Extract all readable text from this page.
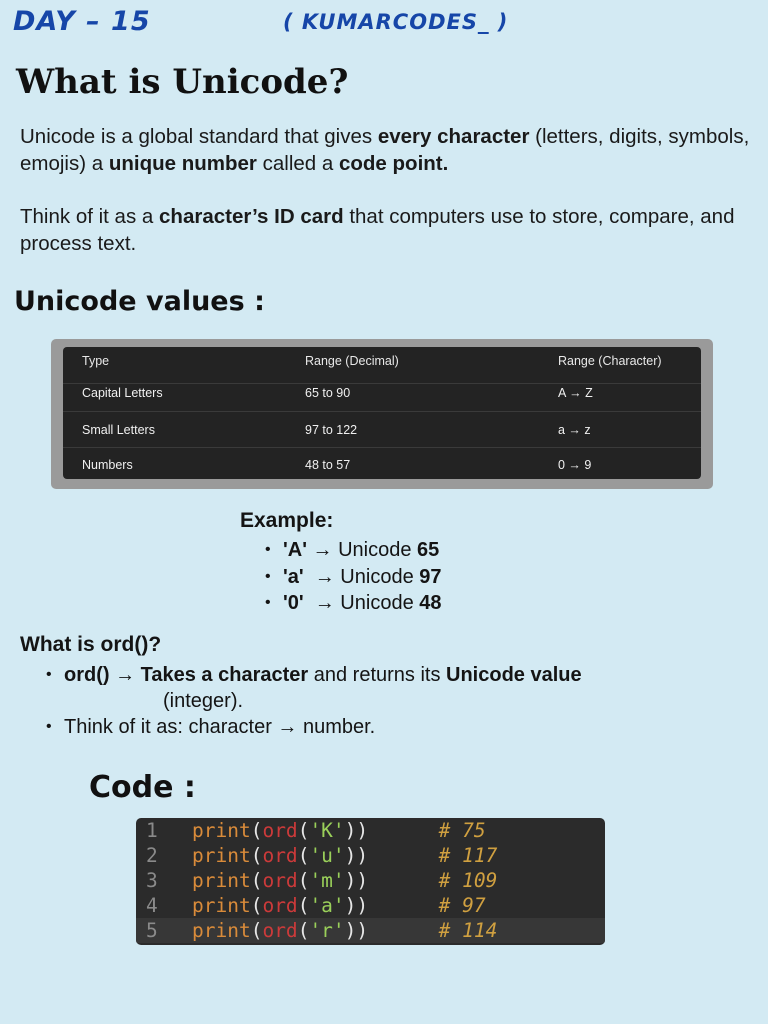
DAY – 15	( KUMARCODES_ )
What is Unicode?
Unicode is a global standard that gives every character (letters, digits, symbols, emojis) a unique number called a code point.
Think of it as a character’s ID card that computers use to store, compare, and process text.
Unicode values :
Type	Range (Decimal)	Range (Character)
Capital Letters	65 to 90	A → Z
Small Letters	97 to 122	a → z
Numbers	48 to 57	0 → 9
Example:
• 'A' → Unicode 65
• 'a'  → Unicode 97
• '0'  → Unicode 48
What is ord()?
• ord() → Takes a character and returns its Unicode value
(integer).
• Think of it as: character → number.
Code :
1 print(ord('K'))	# 75
2 print(ord('u'))	# 117
3 print(ord('m'))	# 109
4 print(ord('a'))	# 97
5 print(ord('r'))	# 114
